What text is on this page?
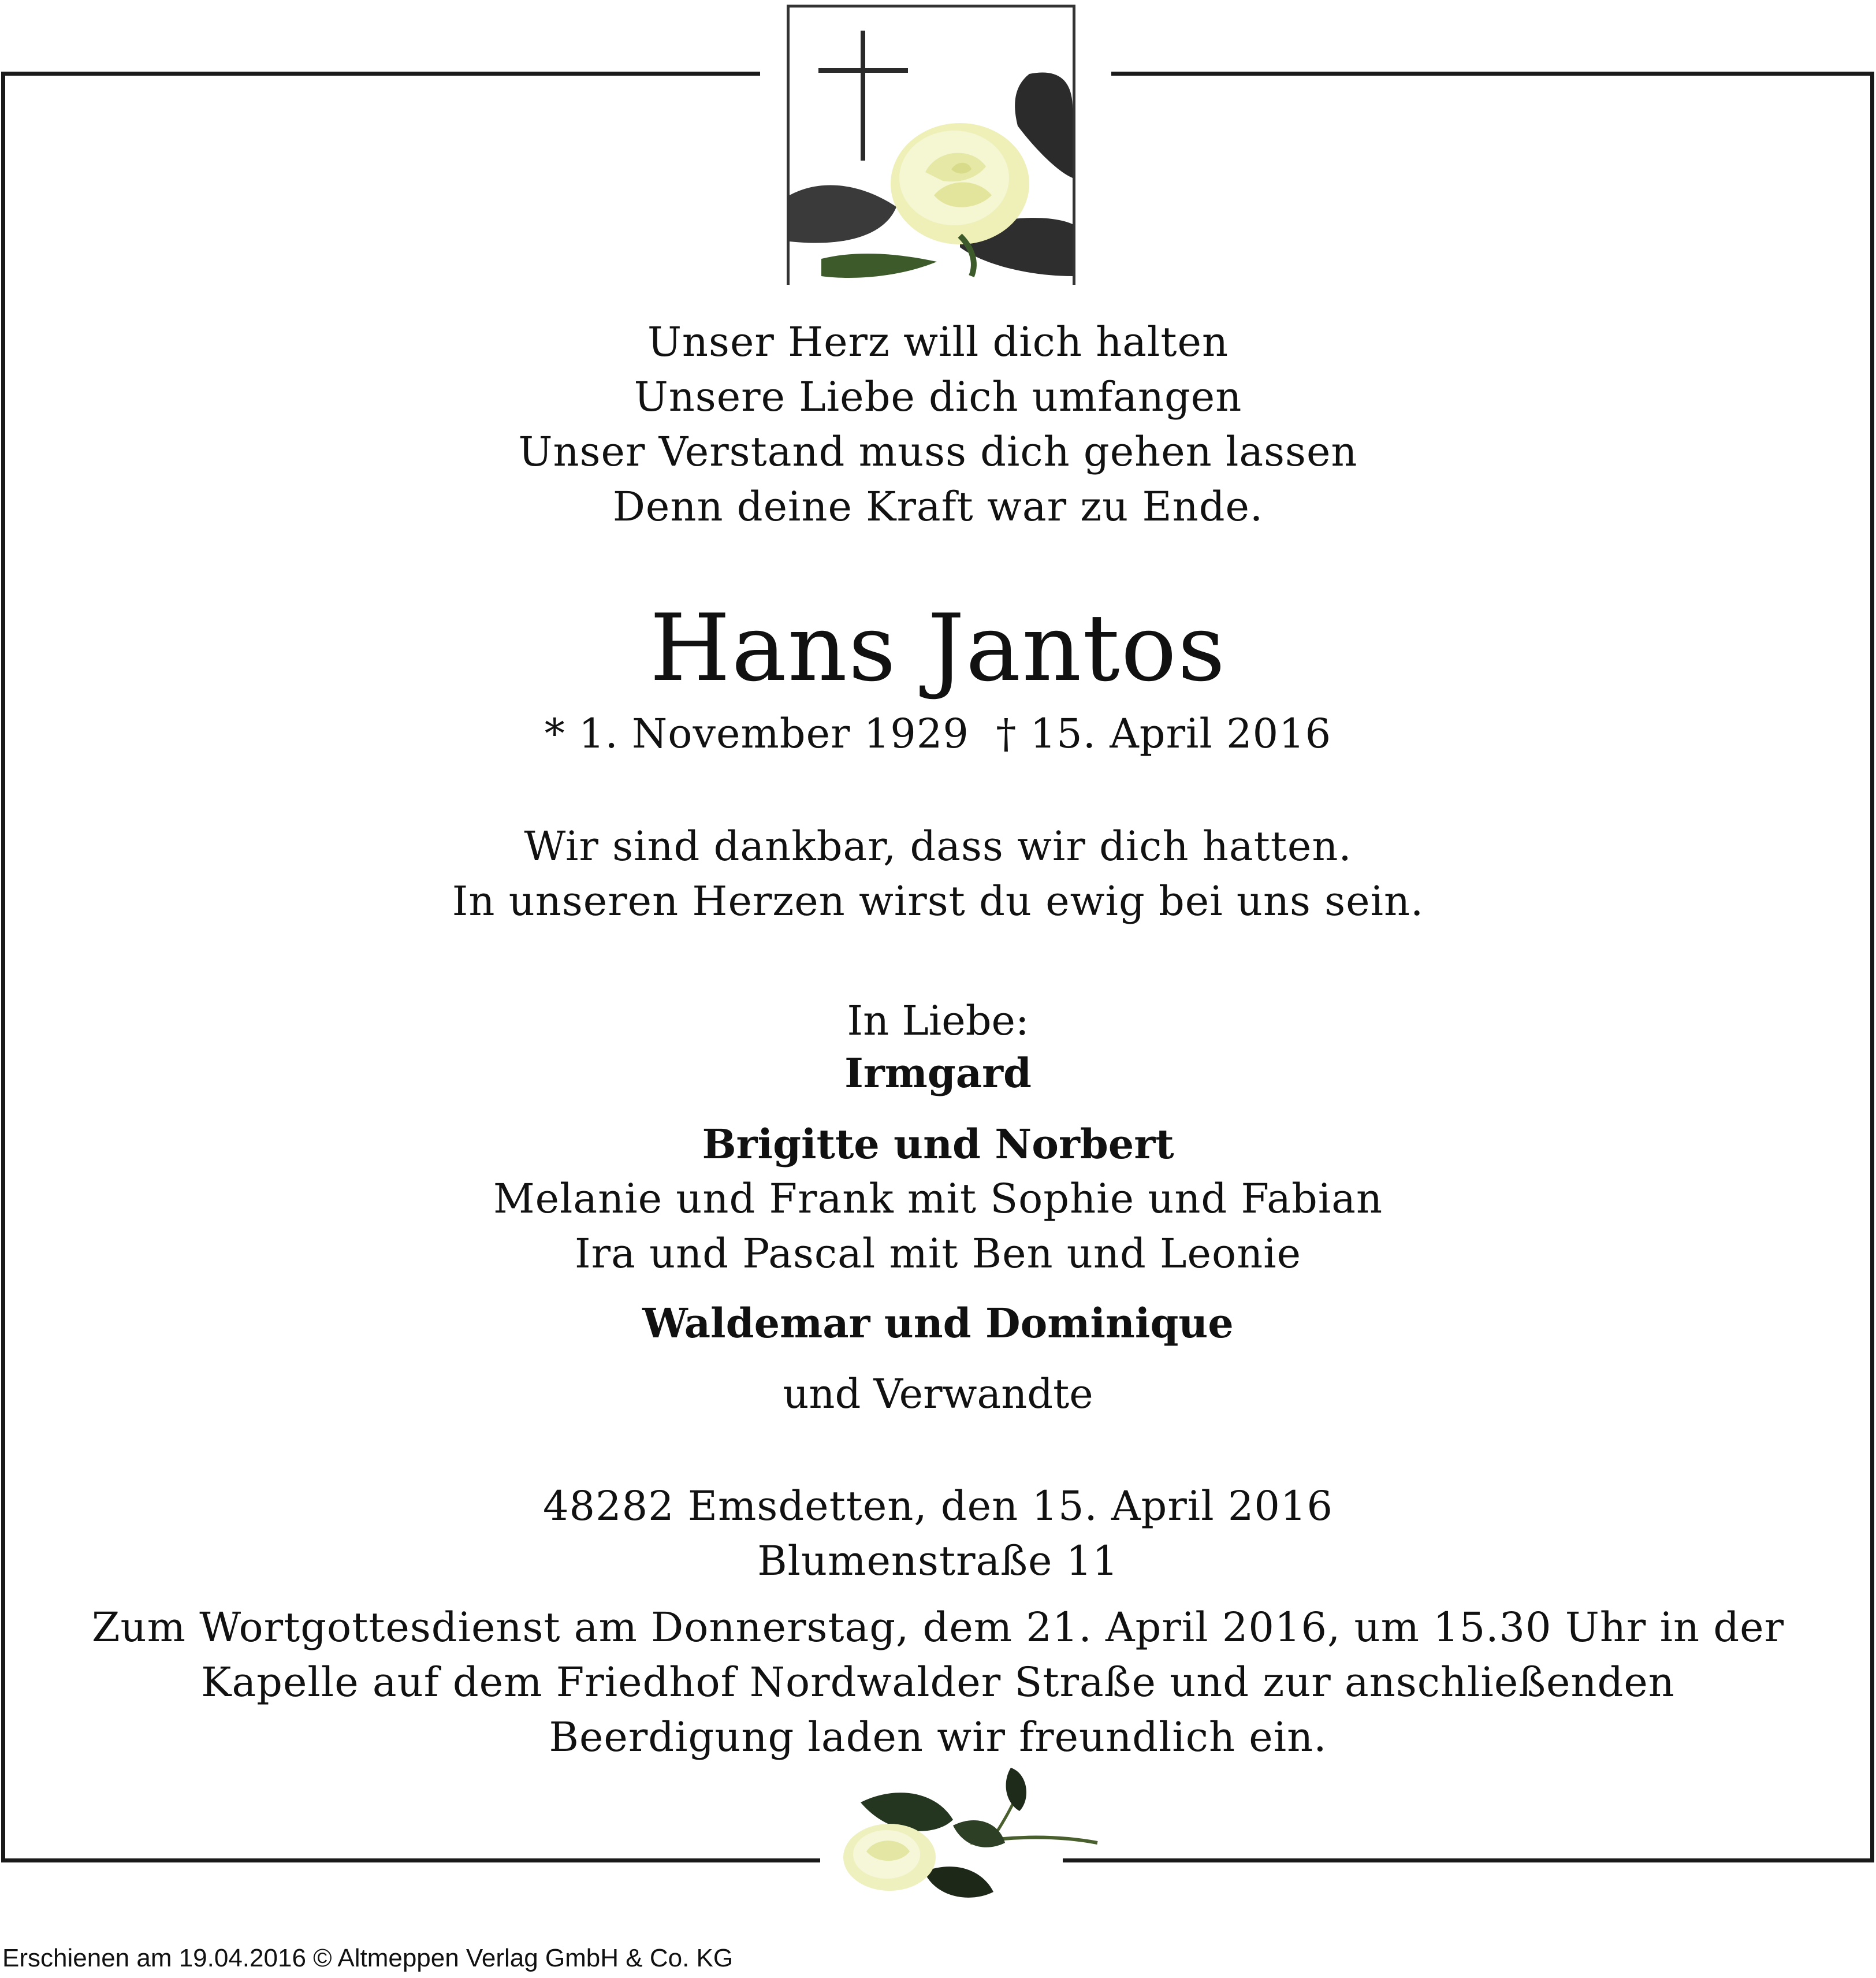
Unser Herz will dich halten
Unsere Liebe dich umfangen
Unser Verstand muss dich gehen lassen
Denn deine Kraft war zu Ende.
Hans Jantos
* 1. November 1929  † 15. April 2016
Wir sind dankbar, dass wir dich hatten.
In unseren Herzen wirst du ewig bei uns sein.
In Liebe:
Irmgard
Brigitte und Norbert
Melanie und Frank mit Sophie und Fabian
Ira und Pascal mit Ben und Leonie
Waldemar und Dominique
und Verwandte
48282 Emsdetten, den 15. April 2016
Blumenstraße 11
Zum Wortgottesdienst am Donnerstag, dem 21. April 2016, um 15.30 Uhr in der
Kapelle auf dem Friedhof Nordwalder Straße und zur anschließenden
Beerdigung laden wir freundlich ein.
Erschienen am 19.04.2016 © Altmeppen Verlag GmbH & Co. KG
